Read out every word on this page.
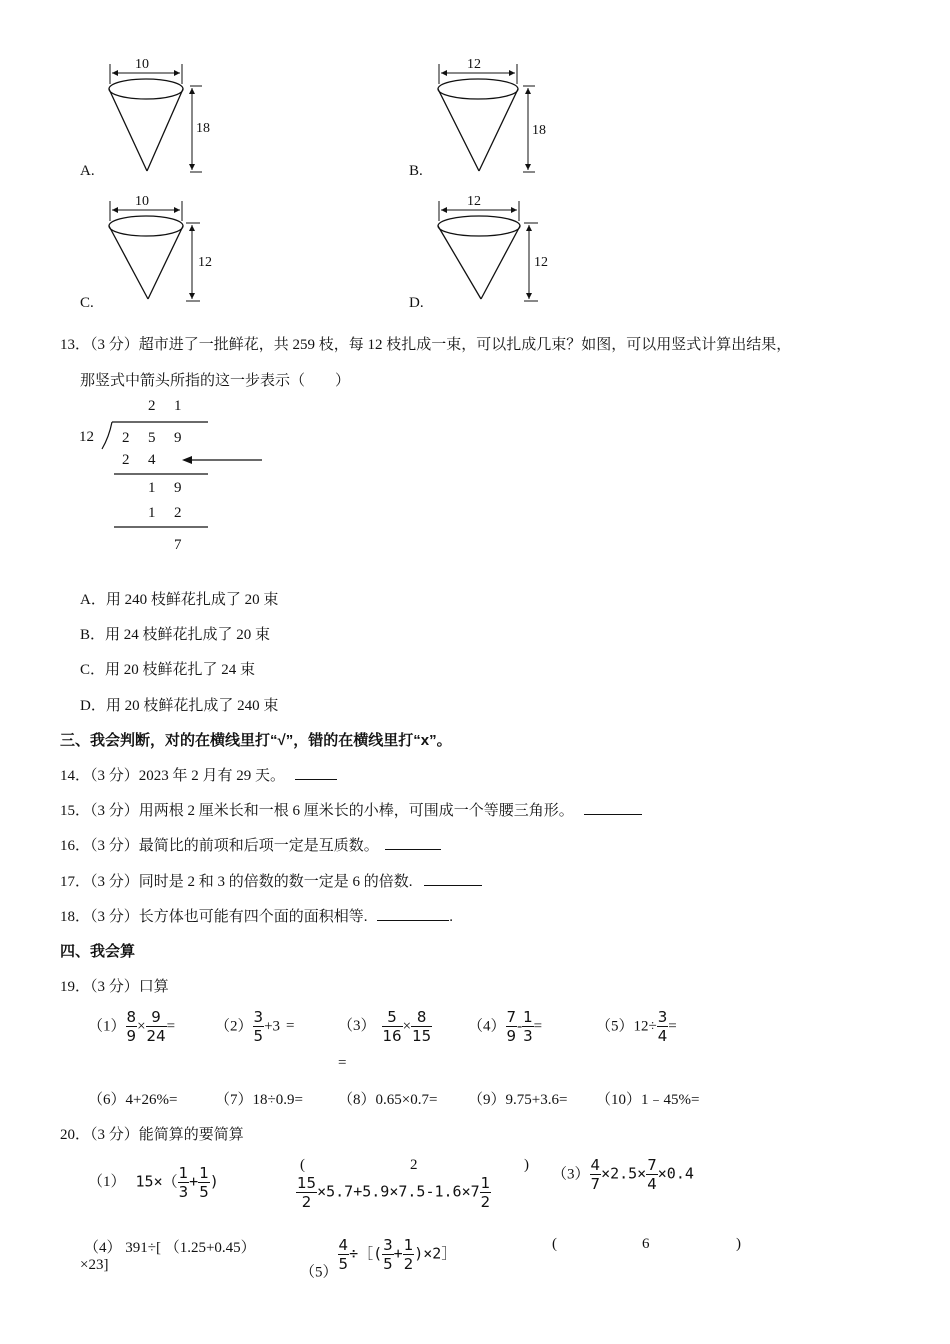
10
18
A.
12
18
B.
10
12
C.
12
12
D.
13．（3 分）超市进了一批鲜花，共 259 枝，每 12 枝扎成一束，可以扎成几束？如图，可以用竖式计算出结果，
那竖式中箭头所指的这一步表示（　　）
2 1
12 2 5 9
2 4
1 9
1 2
7
A．用 240 枝鲜花扎成了 20 束
B．用 24 枝鲜花扎成了 20 束
C．用 20 枝鲜花扎了 24 束
D．用 20 枝鲜花扎成了 240 束
三、我会判断，对的在横线里打“√”，错的在横线里打“x”。
14．（3 分）2023 年 2 月有 29 天。
15．（3 分）用两根 2 厘米长和一根 6 厘米长的小棒，可围成一个等腰三角形。
16．（3 分）最简比的前项和后项一定是互质数。
17．（3 分）同时是 2 和 3 的倍数的数一定是 6 的倍数.
18．（3 分）长方体也可能有四个面的面积相等.	.
四、我会算
19．（3 分）口算
$(1) \frac{8}{9} \times \frac{9}{24}$ =	$(2) \frac{3}{5} +3$ =	$(3) \frac{5}{16} \times \frac{8}{15}$
=
$(4) \frac{7}{9} - \frac{1}{3}$ =	$(5)12\div \frac{3}{4}$ =
（6）4+26%=	（7）18÷0.9= （8）0.65×0.7= （9）9.75+3.6= （10）1﹣45%=
20．（3 分）能简算的要简算
（1） $15\times( \frac{1}{3} + \frac{1}{5}$ )
(	2	)
$\frac{15}{2} \times 5.7+5.9\times 7.5-1.6\times 7 \frac{1}{2}$
$(3) \frac{4}{7} \times 2.5\times \frac{7}{4} \times 0.4$
（4） 391÷[ （1.25+0.45）
×23]	（5）
$\frac{4}{5}$ ÷［( $\frac{3}{5} + \frac{1}{2}$ )×2］
(	6	)
